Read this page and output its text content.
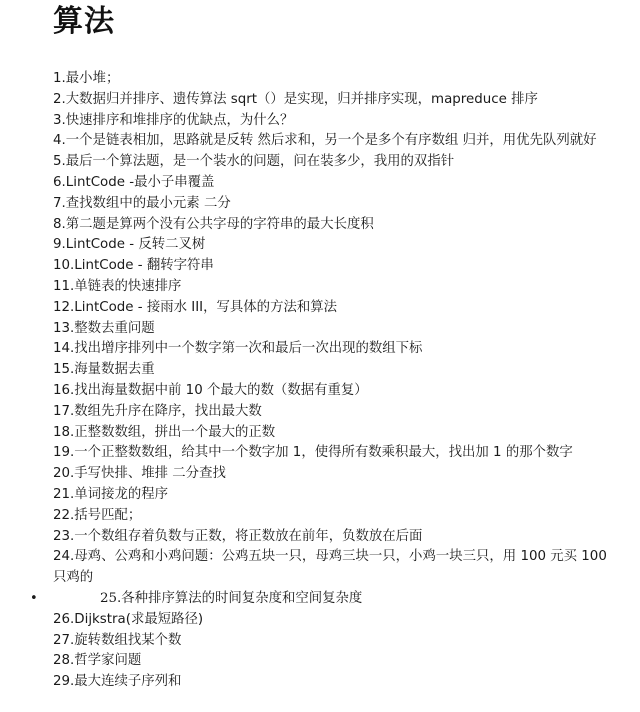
算法
1.最小堆；
2.大数据归并排序、遗传算法 sqrt（）是实现，归并排序实现，mapreduce 排序
3.快速排序和堆排序的优缺点，为什么？
4.一个是链表相加，思路就是反转 然后求和，另一个是多个有序数组 归并，用优先队列就好
5.最后一个算法题，是一个装水的问题，问在装多少，我用的双指针
6.LintCode -最小子串覆盖
7.查找数组中的最小元素 二分
8.第二题是算两个没有公共字母的字符串的最大长度积
9.LintCode - 反转二叉树
10.LintCode - 翻转字符串
11.单链表的快速排序
12.LintCode - 接雨水 III，写具体的方法和算法
13.整数去重问题
14.找出增序排列中一个数字第一次和最后一次出现的数组下标
15.海量数据去重
16.找出海量数据中前 10 个最大的数（数据有重复）
17.数组先升序在降序，找出最大数
18.正整数数组，拼出一个最大的正数
19.一个正整数数组，给其中一个数字加 1，使得所有数乘积最大，找出加 1 的那个数字
20.手写快排、堆排 二分查找
21.单词接龙的程序
22.括号匹配；
23.一个数组存着负数与正数，将正数放在前年，负数放在后面
24.母鸡、公鸡和小鸡问题：公鸡五块一只，母鸡三块一只，小鸡一块三只，用 100 元买 100 只鸡的
•	25.各种排序算法的时间复杂度和空间复杂度
26.Dijkstra(求最短路径)
27.旋转数组找某个数
28.哲学家问题
29.最大连续子序列和
